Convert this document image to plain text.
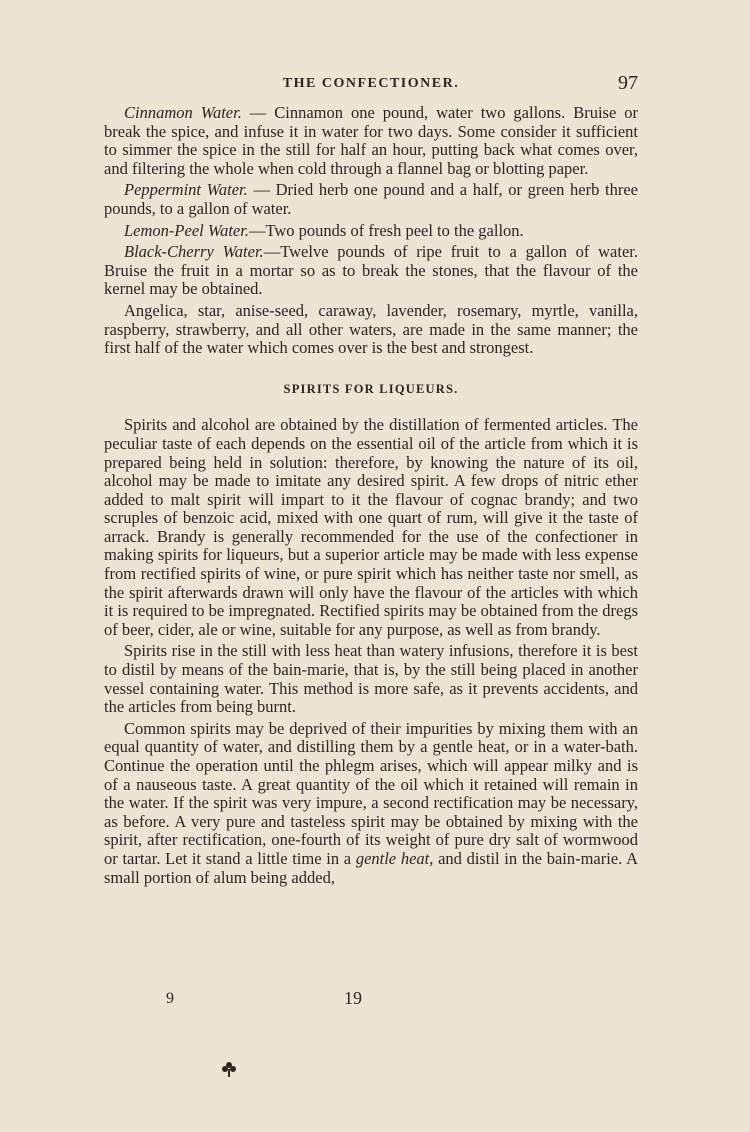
THE CONFECTIONER.	97

Cinnamon Water. — Cinnamon one pound, water two gallons. Bruise or break the spice, and infuse it in water for two days. Some consider it sufficient to simmer the spice in the still for half an hour, putting back what comes over, and filtering the whole when cold through a flannel bag or blotting paper.

Peppermint Water. — Dried herb one pound and a half, or green herb three pounds, to a gallon of water.

Lemon-Peel Water.—Two pounds of fresh peel to the gallon.

Black-Cherry Water.—Twelve pounds of ripe fruit to a gallon of water. Bruise the fruit in a mortar so as to break the stones, that the flavour of the kernel may be obtained.

Angelica, star, anise-seed, caraway, lavender, rosemary, myrtle, vanilla, raspberry, strawberry, and all other waters, are made in the same manner; the first half of the water which comes over is the best and strongest.

SPIRITS FOR LIQUEURS.

Spirits and alcohol are obtained by the distillation of fermented articles. The peculiar taste of each depends on the essential oil of the article from which it is prepared being held in solution: therefore, by knowing the nature of its oil, alcohol may be made to imitate any desired spirit. A few drops of nitric ether added to malt spirit will impart to it the flavour of cognac brandy; and two scruples of benzoic acid, mixed with one quart of rum, will give it the taste of arrack. Brandy is generally recommended for the use of the confectioner in making spirits for liqueurs, but a superior article may be made with less expense from rectified spirits of wine, or pure spirit which has neither taste nor smell, as the spirit afterwards drawn will only have the flavour of the articles with which it is required to be impregnated. Rectified spirits may be obtained from the dregs of beer, cider, ale or wine, suitable for any purpose, as well as from brandy.

Spirits rise in the still with less heat than watery infusions, therefore it is best to distil by means of the bain-marie, that is, by the still being placed in another vessel containing water. This method is more safe, as it prevents accidents, and the articles from being burnt.

Common spirits may be deprived of their impurities by mixing them with an equal quantity of water, and distilling them by a gentle heat, or in a water-bath. Continue the operation until the phlegm arises, which will appear milky and is of a nauseous taste. A great quantity of the oil which it retained will remain in the water. If the spirit was very impure, a second rectification may be necessary, as before. A very pure and tasteless spirit may be obtained by mixing with the spirit, after rectification, one-fourth of its weight of pure dry salt of wormwood or tartar. Let it stand a little time in a gentle heat, and distil in the bain-marie. A small portion of alum being added,

9	19
